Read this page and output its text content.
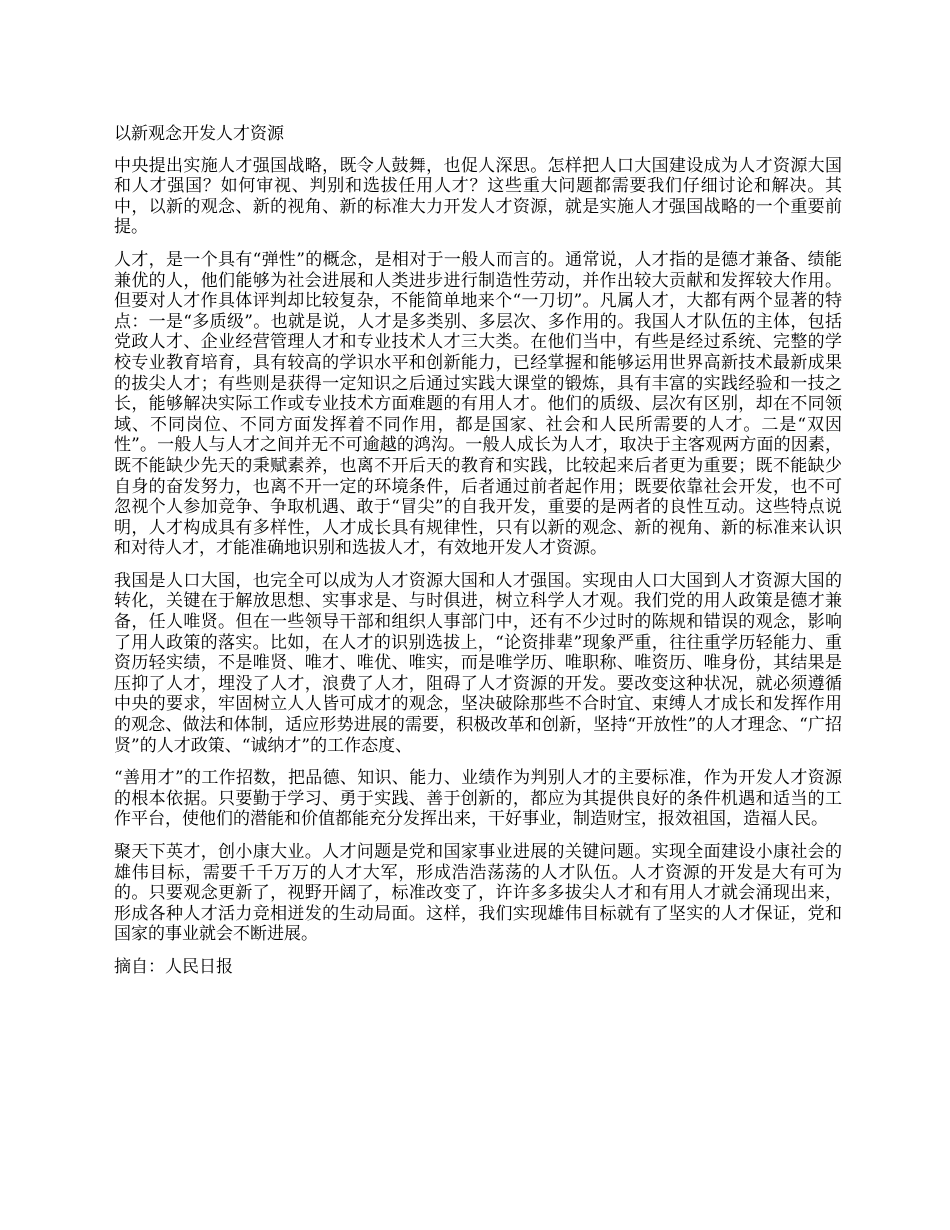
以新观念开发人才资源

中央提出实施人才强国战略，既令人鼓舞，也促人深思。怎样把人口大国建设成为人才资源大国和人才强国？如何审视、判别和选拔任用人才？这些重大问题都需要我们仔细讨论和解决。其中，以新的观念、新的视角、新的标准大力开发人才资源，就是实施人才强国战略的一个重要前提。

人才，是一个具有“弹性”的概念，是相对于一般人而言的。通常说，人才指的是德才兼备、绩能兼优的人，他们能够为社会进展和人类进步进行制造性劳动，并作出较大贡献和发挥较大作用。但要对人才作具体评判却比较复杂，不能简单地来个“一刀切”。凡属人才，大都有两个显著的特点：一是“多质级”。也就是说，人才是多类别、多层次、多作用的。我国人才队伍的主体，包括党政人才、企业经营管理人才和专业技术人才三大类。在他们当中，有些是经过系统、完整的学校专业教育培育，具有较高的学识水平和创新能力，已经掌握和能够运用世界高新技术最新成果的拔尖人才；有些则是获得一定知识之后通过实践大课堂的锻炼，具有丰富的实践经验和一技之长，能够解决实际工作或专业技术方面难题的有用人才。他们的质级、层次有区别，却在不同领域、不同岗位、不同方面发挥着不同作用，都是国家、社会和人民所需要的人才。二是“双因性”。一般人与人才之间并无不可逾越的鸿沟。一般人成长为人才，取决于主客观两方面的因素，既不能缺少先天的秉赋素养，也离不开后天的教育和实践，比较起来后者更为重要；既不能缺少自身的奋发努力，也离不开一定的环境条件，后者通过前者起作用；既要依靠社会开发，也不可忽视个人参加竞争、争取机遇、敢于“冒尖”的自我开发，重要的是两者的良性互动。这些特点说明，人才构成具有多样性，人才成长具有规律性，只有以新的观念、新的视角、新的标准来认识和对待人才，才能准确地识别和选拔人才，有效地开发人才资源。

我国是人口大国，也完全可以成为人才资源大国和人才强国。实现由人口大国到人才资源大国的转化，关键在于解放思想、实事求是、与时俱进，树立科学人才观。我们党的用人政策是德才兼备，任人唯贤。但在一些领导干部和组织人事部门中，还有不少过时的陈规和错误的观念，影响了用人政策的落实。比如，在人才的识别选拔上，“论资排辈”现象严重，往往重学历轻能力、重资历轻实绩，不是唯贤、唯才、唯优、唯实，而是唯学历、唯职称、唯资历、唯身份，其结果是压抑了人才，埋没了人才，浪费了人才，阻碍了人才资源的开发。要改变这种状况，就必须遵循中央的要求，牢固树立人人皆可成才的观念，坚决破除那些不合时宜、束缚人才成长和发挥作用的观念、做法和体制，适应形势进展的需要，积极改革和创新，坚持“开放性”的人才理念、“广招贤”的人才政策、“诚纳才”的工作态度、

“善用才”的工作招数，把品德、知识、能力、业绩作为判别人才的主要标准，作为开发人才资源的根本依据。只要勤于学习、勇于实践、善于创新的，都应为其提供良好的条件机遇和适当的工作平台，使他们的潜能和价值都能充分发挥出来，干好事业，制造财宝，报效祖国，造福人民。

聚天下英才，创小康大业。人才问题是党和国家事业进展的关键问题。实现全面建设小康社会的雄伟目标，需要千千万万的人才大军，形成浩浩荡荡的人才队伍。人才资源的开发是大有可为的。只要观念更新了，视野开阔了，标准改变了，许许多多拔尖人才和有用人才就会涌现出来，形成各种人才活力竞相迸发的生动局面。这样，我们实现雄伟目标就有了坚实的人才保证，党和国家的事业就会不断进展。

摘自：人民日报
